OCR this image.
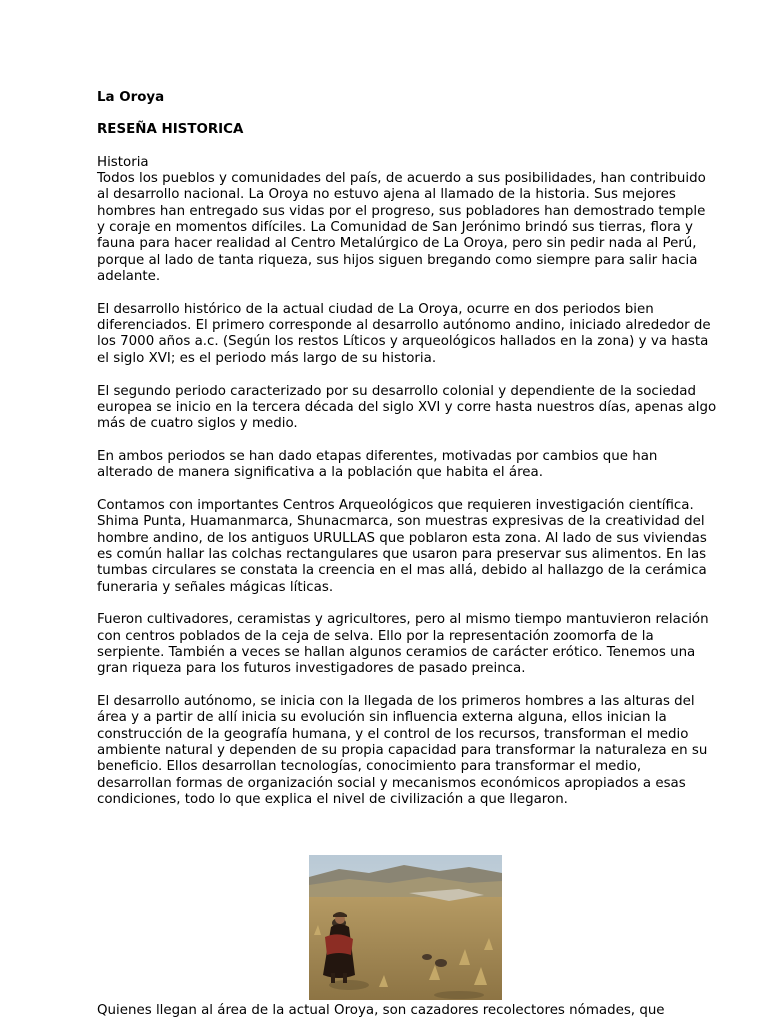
La Oroya

RESEÑA HISTORICA

Historia
Todos los pueblos y comunidades del país, de acuerdo a sus posibilidades, han contribuido al desarrollo nacional. La Oroya no estuvo ajena al llamado de la historia. Sus mejores hombres han entregado sus vidas por el progreso, sus pobladores han demostrado temple y coraje en momentos difíciles. La Comunidad de San Jerónimo brindó sus tierras, flora y fauna para hacer realidad al Centro Metalúrgico de La Oroya, pero sin pedir nada al Perú, porque al lado de tanta riqueza, sus hijos siguen bregando como siempre para salir hacia adelante.

El desarrollo histórico de la actual ciudad de La Oroya, ocurre en dos periodos bien diferenciados. El primero corresponde al desarrollo autónomo andino, iniciado alrededor de los 7000 años a.c. (Según los restos Líticos y arqueológicos hallados en la zona) y va hasta el siglo XVI; es el periodo más largo de su historia.

El segundo periodo caracterizado por su desarrollo colonial y dependiente de la sociedad europea se inicio en la tercera década del siglo XVI y corre hasta nuestros días, apenas algo más de cuatro siglos y medio.

En ambos periodos se han dado etapas diferentes, motivadas por cambios que han alterado de manera significativa a la población que habita el área.

Contamos con importantes Centros Arqueológicos que requieren investigación científica. Shima Punta, Huamanmarca, Shunacmarca, son muestras expresivas de la creatividad del hombre andino, de los antiguos URULLAS que poblaron esta zona. Al lado de sus viviendas es común hallar las colchas rectangulares que usaron para preservar sus alimentos. En las tumbas circulares se constata la creencia en el mas allá, debido al hallazgo de la cerámica funeraria y señales mágicas líticas.

Fueron cultivadores, ceramistas y agricultores, pero al mismo tiempo mantuvieron relación con centros poblados de la ceja de selva. Ello por la representación zoomorfa de la serpiente. También a veces se hallan algunos ceramios de carácter erótico. Tenemos una gran riqueza para los futuros investigadores de pasado preinca.

El desarrollo autónomo, se inicia con la llegada de los primeros hombres a las alturas del área y a partir de allí inicia su evolución sin influencia externa alguna, ellos inician la construcción de la geografía humana, y el control de los recursos, transforman el medio ambiente natural y dependen de su propia capacidad para transformar la naturaleza en su beneficio. Ellos desarrollan tecnologías, conocimiento para transformar el medio, desarrollan formas de organización social y mecanismos económicos apropiados a esas condiciones, todo lo que explica el nivel de civilización a que llegaron.

Quienes llegan al área de la actual Oroya, son cazadores recolectores nómades, que
